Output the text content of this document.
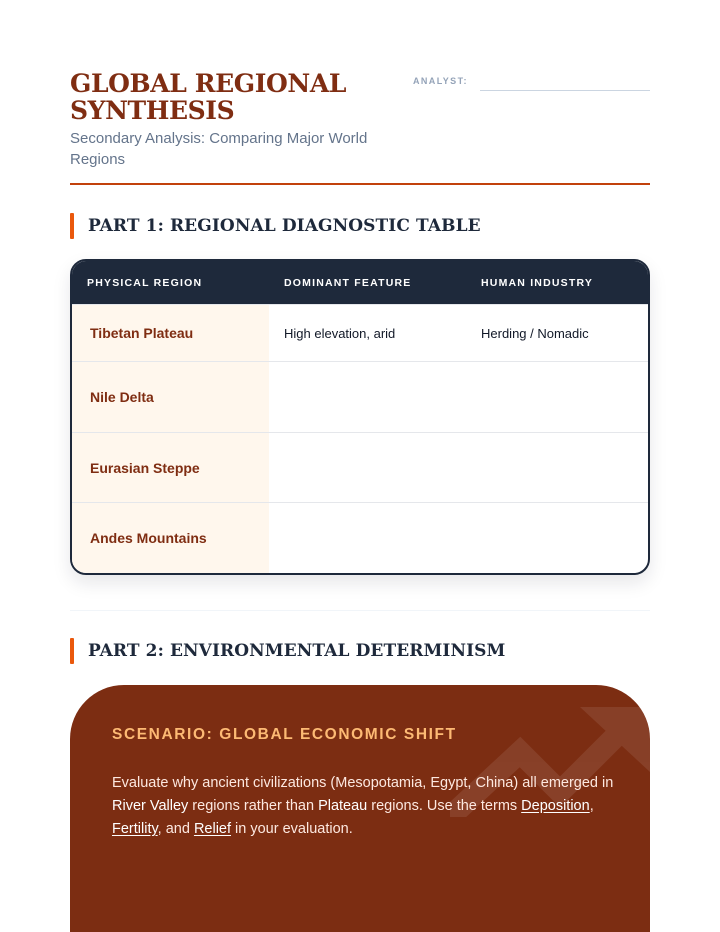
GLOBAL REGIONAL SYNTHESIS

Secondary Analysis: Comparing Major World Regions

ANALYST:
PART 1: REGIONAL DIAGNOSTIC TABLE
PHYSICAL REGION	DOMINANT FEATURE	HUMAN INDUSTRY
Tibetan Plateau	High elevation, arid	Herding / Nomadic
Nile Delta
Eurasian Steppe
Andes Mountains
PART 2: ENVIRONMENTAL DETERMINISM
SCENARIO: GLOBAL ECONOMIC SHIFT

Evaluate why ancient civilizations (Mesopotamia, Egypt, China) all emerged in River Valley regions rather than Plateau regions. Use the terms Deposition, Fertility, and Relief in your evaluation.
